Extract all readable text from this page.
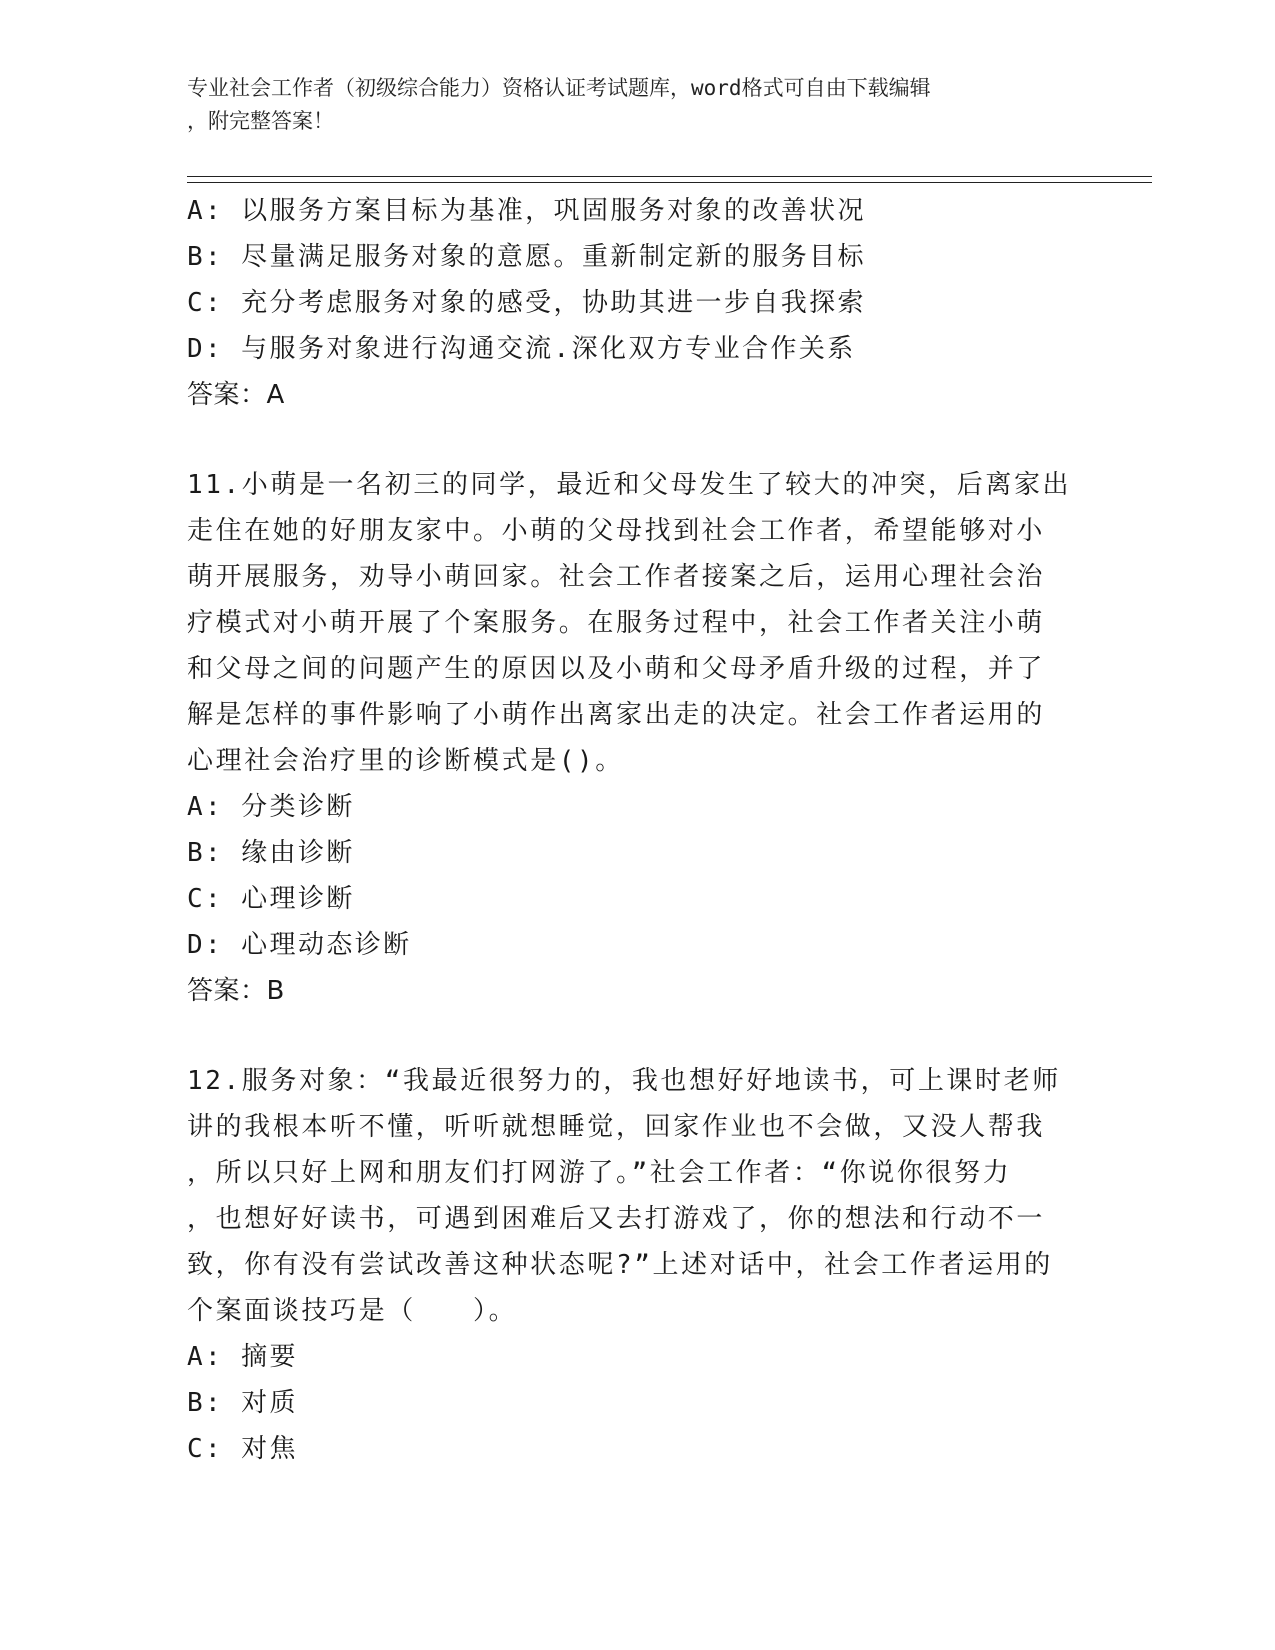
专业社会工作者（初级综合能力）资格认证考试题库，word格式可自由下载编辑
，附完整答案！
A: 以服务方案目标为基准，巩固服务对象的改善状况
B: 尽量满足服务对象的意愿。重新制定新的服务目标
C: 充分考虑服务对象的感受，协助其进一步自我探索
D: 与服务对象进行沟通交流.深化双方专业合作关系
答案：A
11.小萌是一名初三的同学，最近和父母发生了较大的冲突，后离家出
走住在她的好朋友家中。小萌的父母找到社会工作者，希望能够对小
萌开展服务，劝导小萌回家。社会工作者接案之后，运用心理社会治
疗模式对小萌开展了个案服务。在服务过程中，社会工作者关注小萌
和父母之间的问题产生的原因以及小萌和父母矛盾升级的过程，并了
解是怎样的事件影响了小萌作出离家出走的决定。社会工作者运用的
心理社会治疗里的诊断模式是()。
A: 分类诊断
B: 缘由诊断
C: 心理诊断
D: 心理动态诊断
答案：B
12.服务对象：“我最近很努力的，我也想好好地读书，可上课时老师
讲的我根本听不懂，听听就想睡觉，回家作业也不会做，又没人帮我
，所以只好上网和朋友们打网游了。”社会工作者：“你说你很努力
，也想好好读书，可遇到困难后又去打游戏了，你的想法和行动不一
致，你有没有尝试改善这种状态呢?”上述对话中，社会工作者运用的
个案面谈技巧是（　　）。
A: 摘要
B: 对质
C: 对焦
